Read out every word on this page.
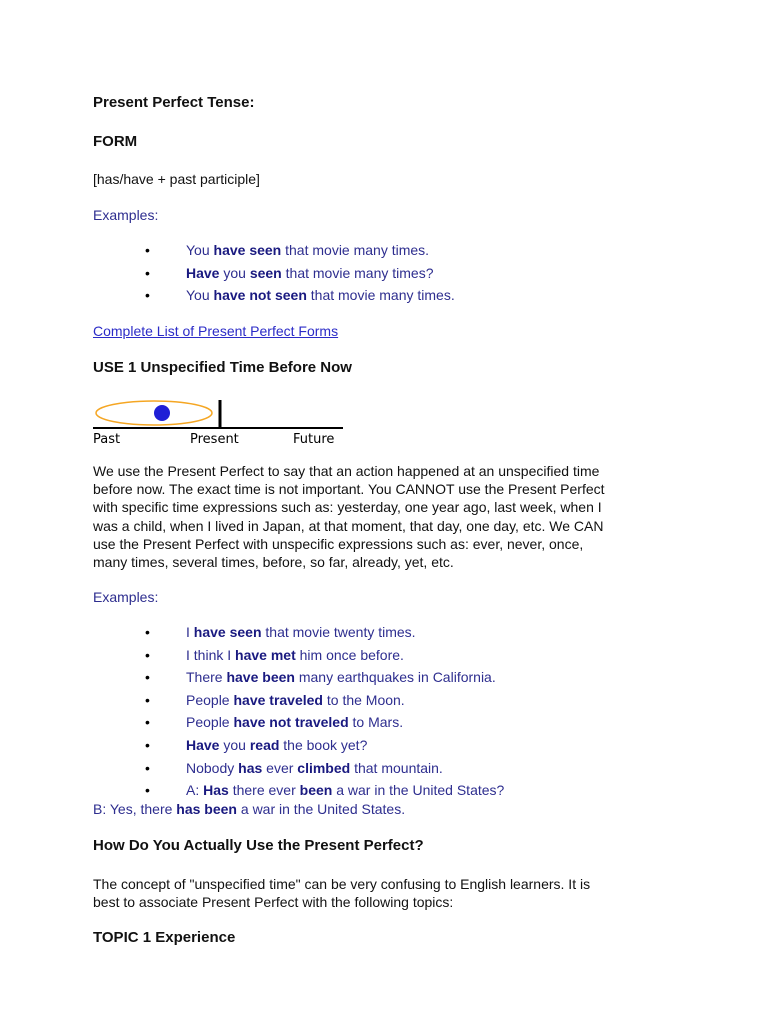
Present Perfect Tense:
FORM
[has/have + past participle]
Examples:
•	You have seen that movie many times.
•	Have you seen that movie many times?
•	You have not seen that movie many times.
Complete List of Present Perfect Forms
USE 1 Unspecified Time Before Now
Past	Present	Future
We use the Present Perfect to say that an action happened at an unspecified time
before now. The exact time is not important. You CANNOT use the Present Perfect
with specific time expressions such as: yesterday, one year ago, last week, when I
was a child, when I lived in Japan, at that moment, that day, one day, etc. We CAN
use the Present Perfect with unspecific expressions such as: ever, never, once,
many times, several times, before, so far, already, yet, etc.
Examples:
•	I have seen that movie twenty times.
•	I think I have met him once before.
•	There have been many earthquakes in California.
•	People have traveled to the Moon.
•	People have not traveled to Mars.
•	Have you read the book yet?
•	Nobody has ever climbed that mountain.
•	A: Has there ever been a war in the United States?
B: Yes, there has been a war in the United States.
How Do You Actually Use the Present Perfect?
The concept of "unspecified time" can be very confusing to English learners. It is
best to associate Present Perfect with the following topics:
TOPIC 1 Experience
